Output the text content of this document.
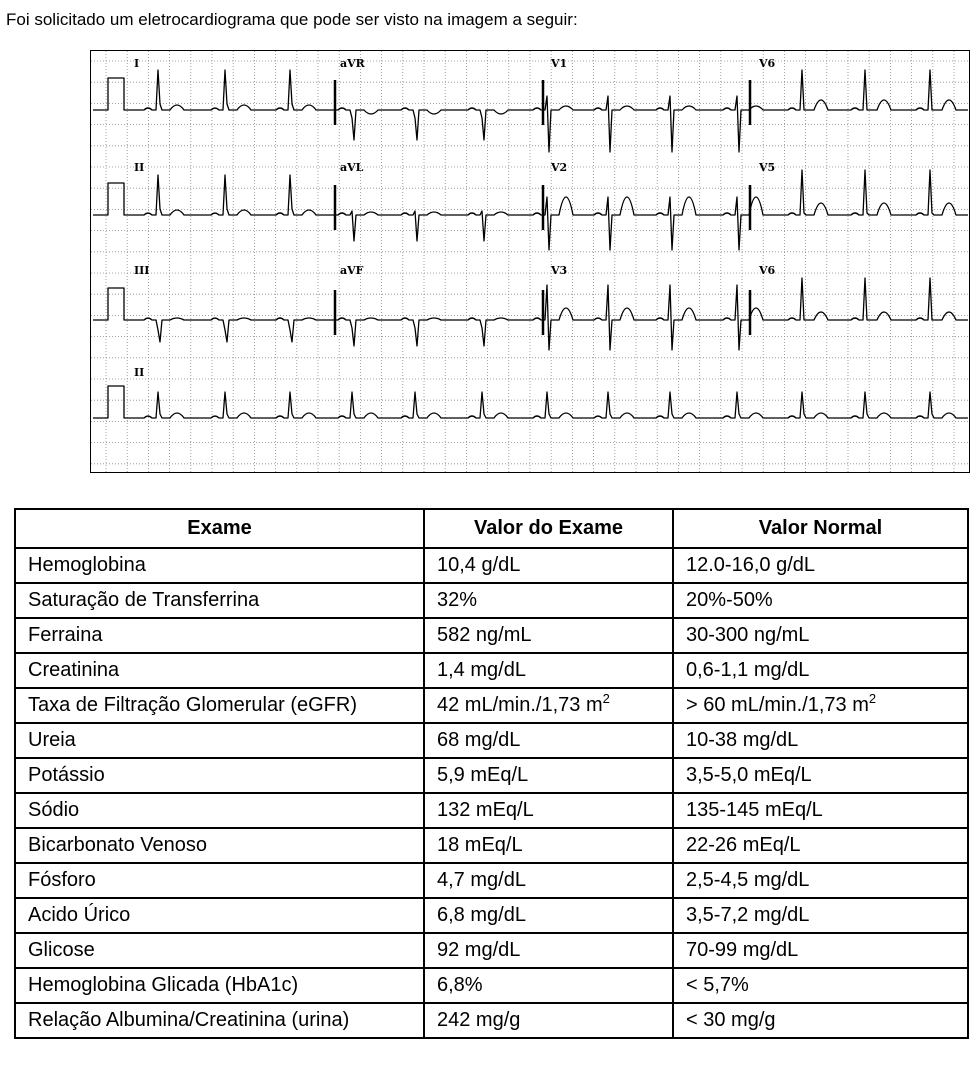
Foi solicitado um eletrocardiograma que pode ser visto na imagem a seguir:

I	aVR	V1	V6
II	aVL	V2	V5
III	aVF	V3	V6
II
Exame	Valor do Exame	Valor Normal
Hemoglobina	10,4 g/dL	12.0-16,0 g/dL
Saturação de Transferrina	32%	20%-50%
Ferraina	582 ng/mL	30-300 ng/mL
Creatinina	1,4 mg/dL	0,6-1,1 mg/dL
Taxa de Filtração Glomerular (eGFR)	42 mL/min./1,73 $m^2$	> 60 mL/min./1,73 $m^2$
Ureia	68 mg/dL	10-38 mg/dL
Potássio	5,9 mEq/L	3,5-5,0 mEq/L
Sódio	132 mEq/L	135-145 mEq/L
Bicarbonato Venoso	18 mEq/L	22-26 mEq/L
Fósforo	4,7 mg/dL	2,5-4,5 mg/dL
Acido Úrico	6,8 mg/dL	3,5-7,2 mg/dL
Glicose	92 mg/dL	70-99 mg/dL
Hemoglobina Glicada (HbA1c)	6,8%	< 5,7%
Relação Albumina/Creatinina (urina)	242 mg/g	< 30 mg/g
